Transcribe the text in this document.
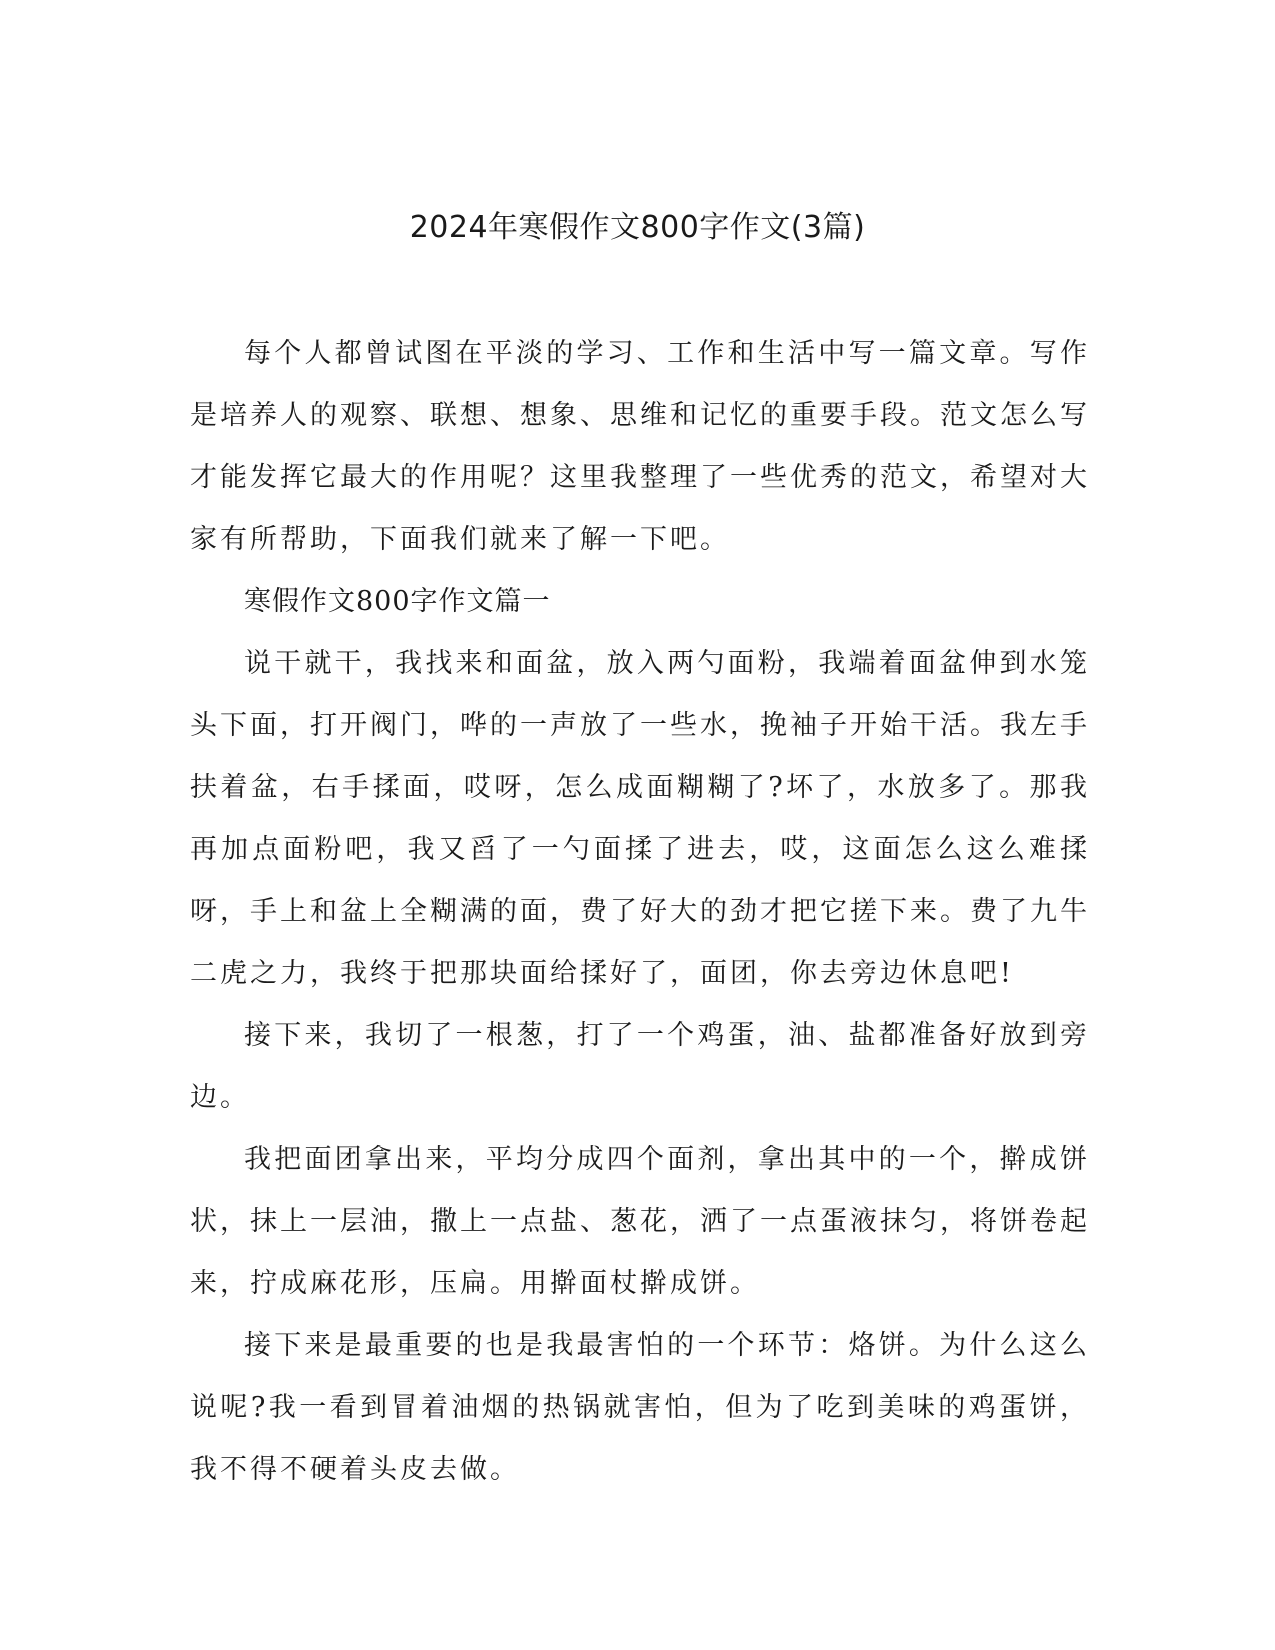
2024年寒假作文800字作文(3篇)

每个人都曾试图在平淡的学习、工作和生活中写一篇文章。写作是培养人的观察、联想、想象、思维和记忆的重要手段。范文怎么写才能发挥它最大的作用呢？这里我整理了一些优秀的范文，希望对大家有所帮助，下面我们就来了解一下吧。

寒假作文800字作文篇一

说干就干，我找来和面盆，放入两勺面粉，我端着面盆伸到水笼头下面，打开阀门，哗的一声放了一些水，挽袖子开始干活。我左手扶着盆，右手揉面，哎呀，怎么成面糊糊了?坏了，水放多了。那我再加点面粉吧，我又舀了一勺面揉了进去，哎，这面怎么这么难揉呀，手上和盆上全糊满的面，费了好大的劲才把它搓下来。费了九牛二虎之力，我终于把那块面给揉好了，面团，你去旁边休息吧!

接下来，我切了一根葱，打了一个鸡蛋，油、盐都准备好放到旁边。

我把面团拿出来，平均分成四个面剂，拿出其中的一个，擀成饼状，抹上一层油，撒上一点盐、葱花，洒了一点蛋液抹匀，将饼卷起来，拧成麻花形，压扁。用擀面杖擀成饼。

接下来是最重要的也是我最害怕的一个环节：烙饼。为什么这么说呢?我一看到冒着油烟的热锅就害怕，但为了吃到美味的鸡蛋饼，我不得不硬着头皮去做。
